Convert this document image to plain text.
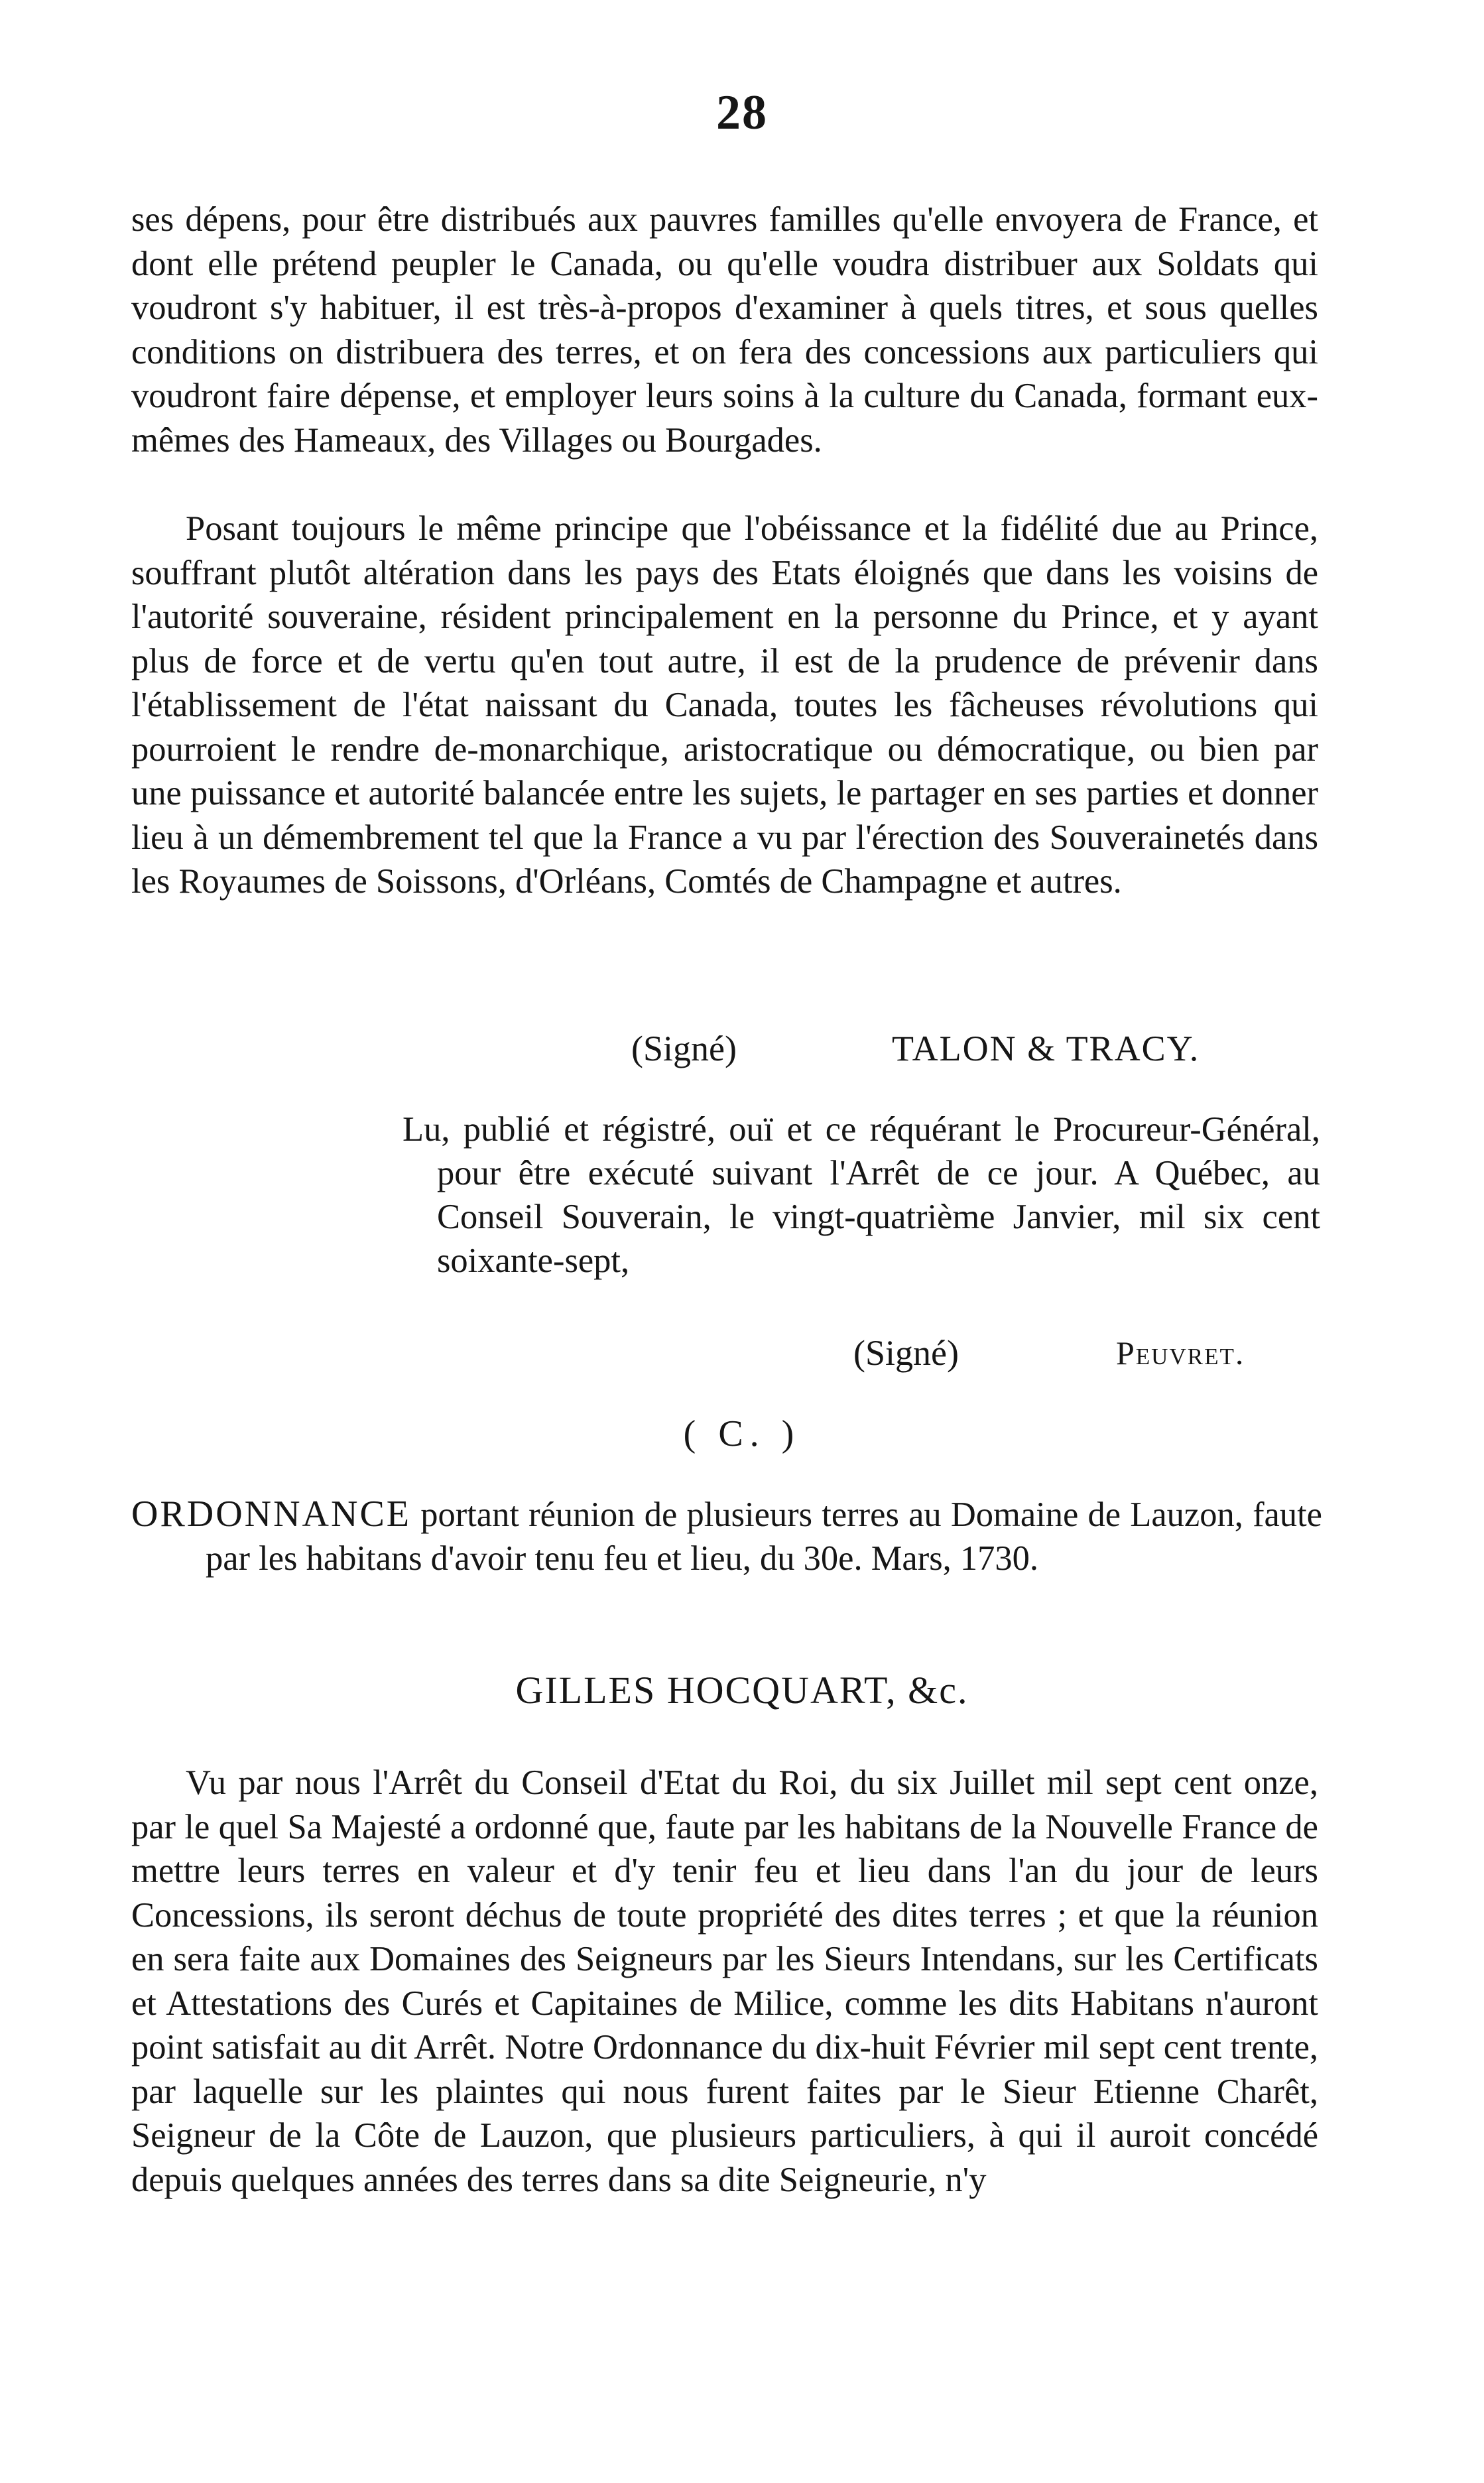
28

ses dépens, pour être distribués aux pauvres familles qu'elle envoyera de France, et dont elle prétend peupler le Canada, ou qu'elle voudra distribuer aux Soldats qui voudront s'y habituer, il est très-à-propos d'examiner à quels titres, et sous quelles conditions on distribuera des terres, et on fera des concessions aux particuliers qui voudront faire dépense, et employer leurs soins à la culture du Canada, formant eux-mêmes des Hameaux, des Villages ou Bourgades.

Posant toujours le même principe que l'obéissance et la fidélité due au Prince, souffrant plutôt altération dans les pays des Etats éloignés que dans les voisins de l'autorité souveraine, résident principalement en la personne du Prince, et y ayant plus de force et de vertu qu'en tout autre, il est de la prudence de prévenir dans l'établissement de l'état naissant du Canada, toutes les fâcheuses révolutions qui pourroient le rendre de-monarchique, aristocratique ou démocratique, ou bien par une puissance et autorité balancée entre les sujets, le partager en ses parties et donner lieu à un démembrement tel que la France a vu par l'érection des Souverainetés dans les Royaumes de Soissons, d'Orléans, Comtés de Champagne et autres.

(Signé)	TALON & TRACY.

Lu, publié et régistré, ouï et ce réquérant le Procureur-Général, pour être exécuté suivant l'Arrêt de ce jour. A Québec, au Conseil Souverain, le vingt-quatrième Janvier, mil six cent soixante-sept,

(Signé)	Peuvret.
( C. )

ORDONNANCE portant réunion de plusieurs terres au Domaine de Lauzon, faute par les habitans d'avoir tenu feu et lieu, du 30e. Mars, 1730.

GILLES HOCQUART, &c.

Vu par nous l'Arrêt du Conseil d'Etat du Roi, du six Juillet mil sept cent onze, par le quel Sa Majesté a ordonné que, faute par les habitans de la Nouvelle France de mettre leurs terres en valeur et d'y tenir feu et lieu dans l'an du jour de leurs Concessions, ils seront déchus de toute propriété des dites terres ; et que la réunion en sera faite aux Domaines des Seigneurs par les Sieurs Intendans, sur les Certificats et Attestations des Curés et Capitaines de Milice, comme les dits Habitans n'auront point satisfait au dit Arrêt. Notre Ordonnance du dix-huit Février mil sept cent trente, par laquelle sur les plaintes qui nous furent faites par le Sieur Etienne Charêt, Seigneur de la Côte de Lauzon, que plusieurs particuliers, à qui il auroit concédé depuis quelques années des terres dans sa dite Seigneurie, n'y
